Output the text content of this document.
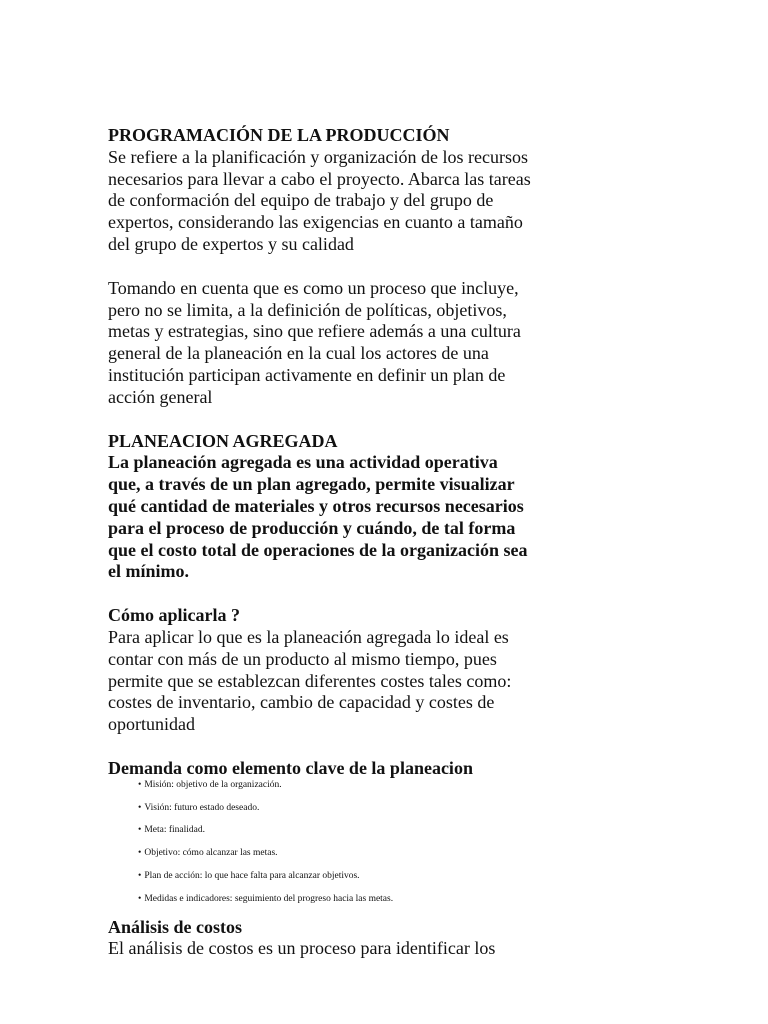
PROGRAMACIÓN DE LA PRODUCCIÓN

Se refiere a la planificación y organización de los recursos
necesarios para llevar a cabo el proyecto. Abarca las tareas
de conformación del equipo de trabajo y del grupo de
expertos, considerando las exigencias en cuanto a tamaño
del grupo de expertos y su calidad
Tomando en cuenta que es como un proceso que incluye,
pero no se limita, a la definición de políticas, objetivos,
metas y estrategias, sino que refiere además a una cultura
general de la planeación en la cual los actores de una
institución participan activamente en definir un plan de
acción general

PLANEACION AGREGADA

La planeación agregada es una actividad operativa
que, a través de un plan agregado, permite visualizar
qué cantidad de materiales y otros recursos necesarios
para el proceso de producción y cuándo, de tal forma
que el costo total de operaciones de la organización sea
el mínimo.

Cómo aplicarla ?

Para aplicar lo que es la planeación agregada lo ideal es
contar con más de un producto al mismo tiempo, pues
permite que se establezcan diferentes costes tales como:
costes de inventario, cambio de capacidad y costes de
oportunidad

Demanda como elemento clave de la planeacion

• Misión: objetivo de la organización.
• Visión: futuro estado deseado.
• Meta: finalidad.
• Objetivo: cómo alcanzar las metas.
• Plan de acción: lo que hace falta para alcanzar objetivos.
• Medidas e indicadores: seguimiento del progreso hacia las metas.

Análisis de costos

El análisis de costos es un proceso para identificar los
